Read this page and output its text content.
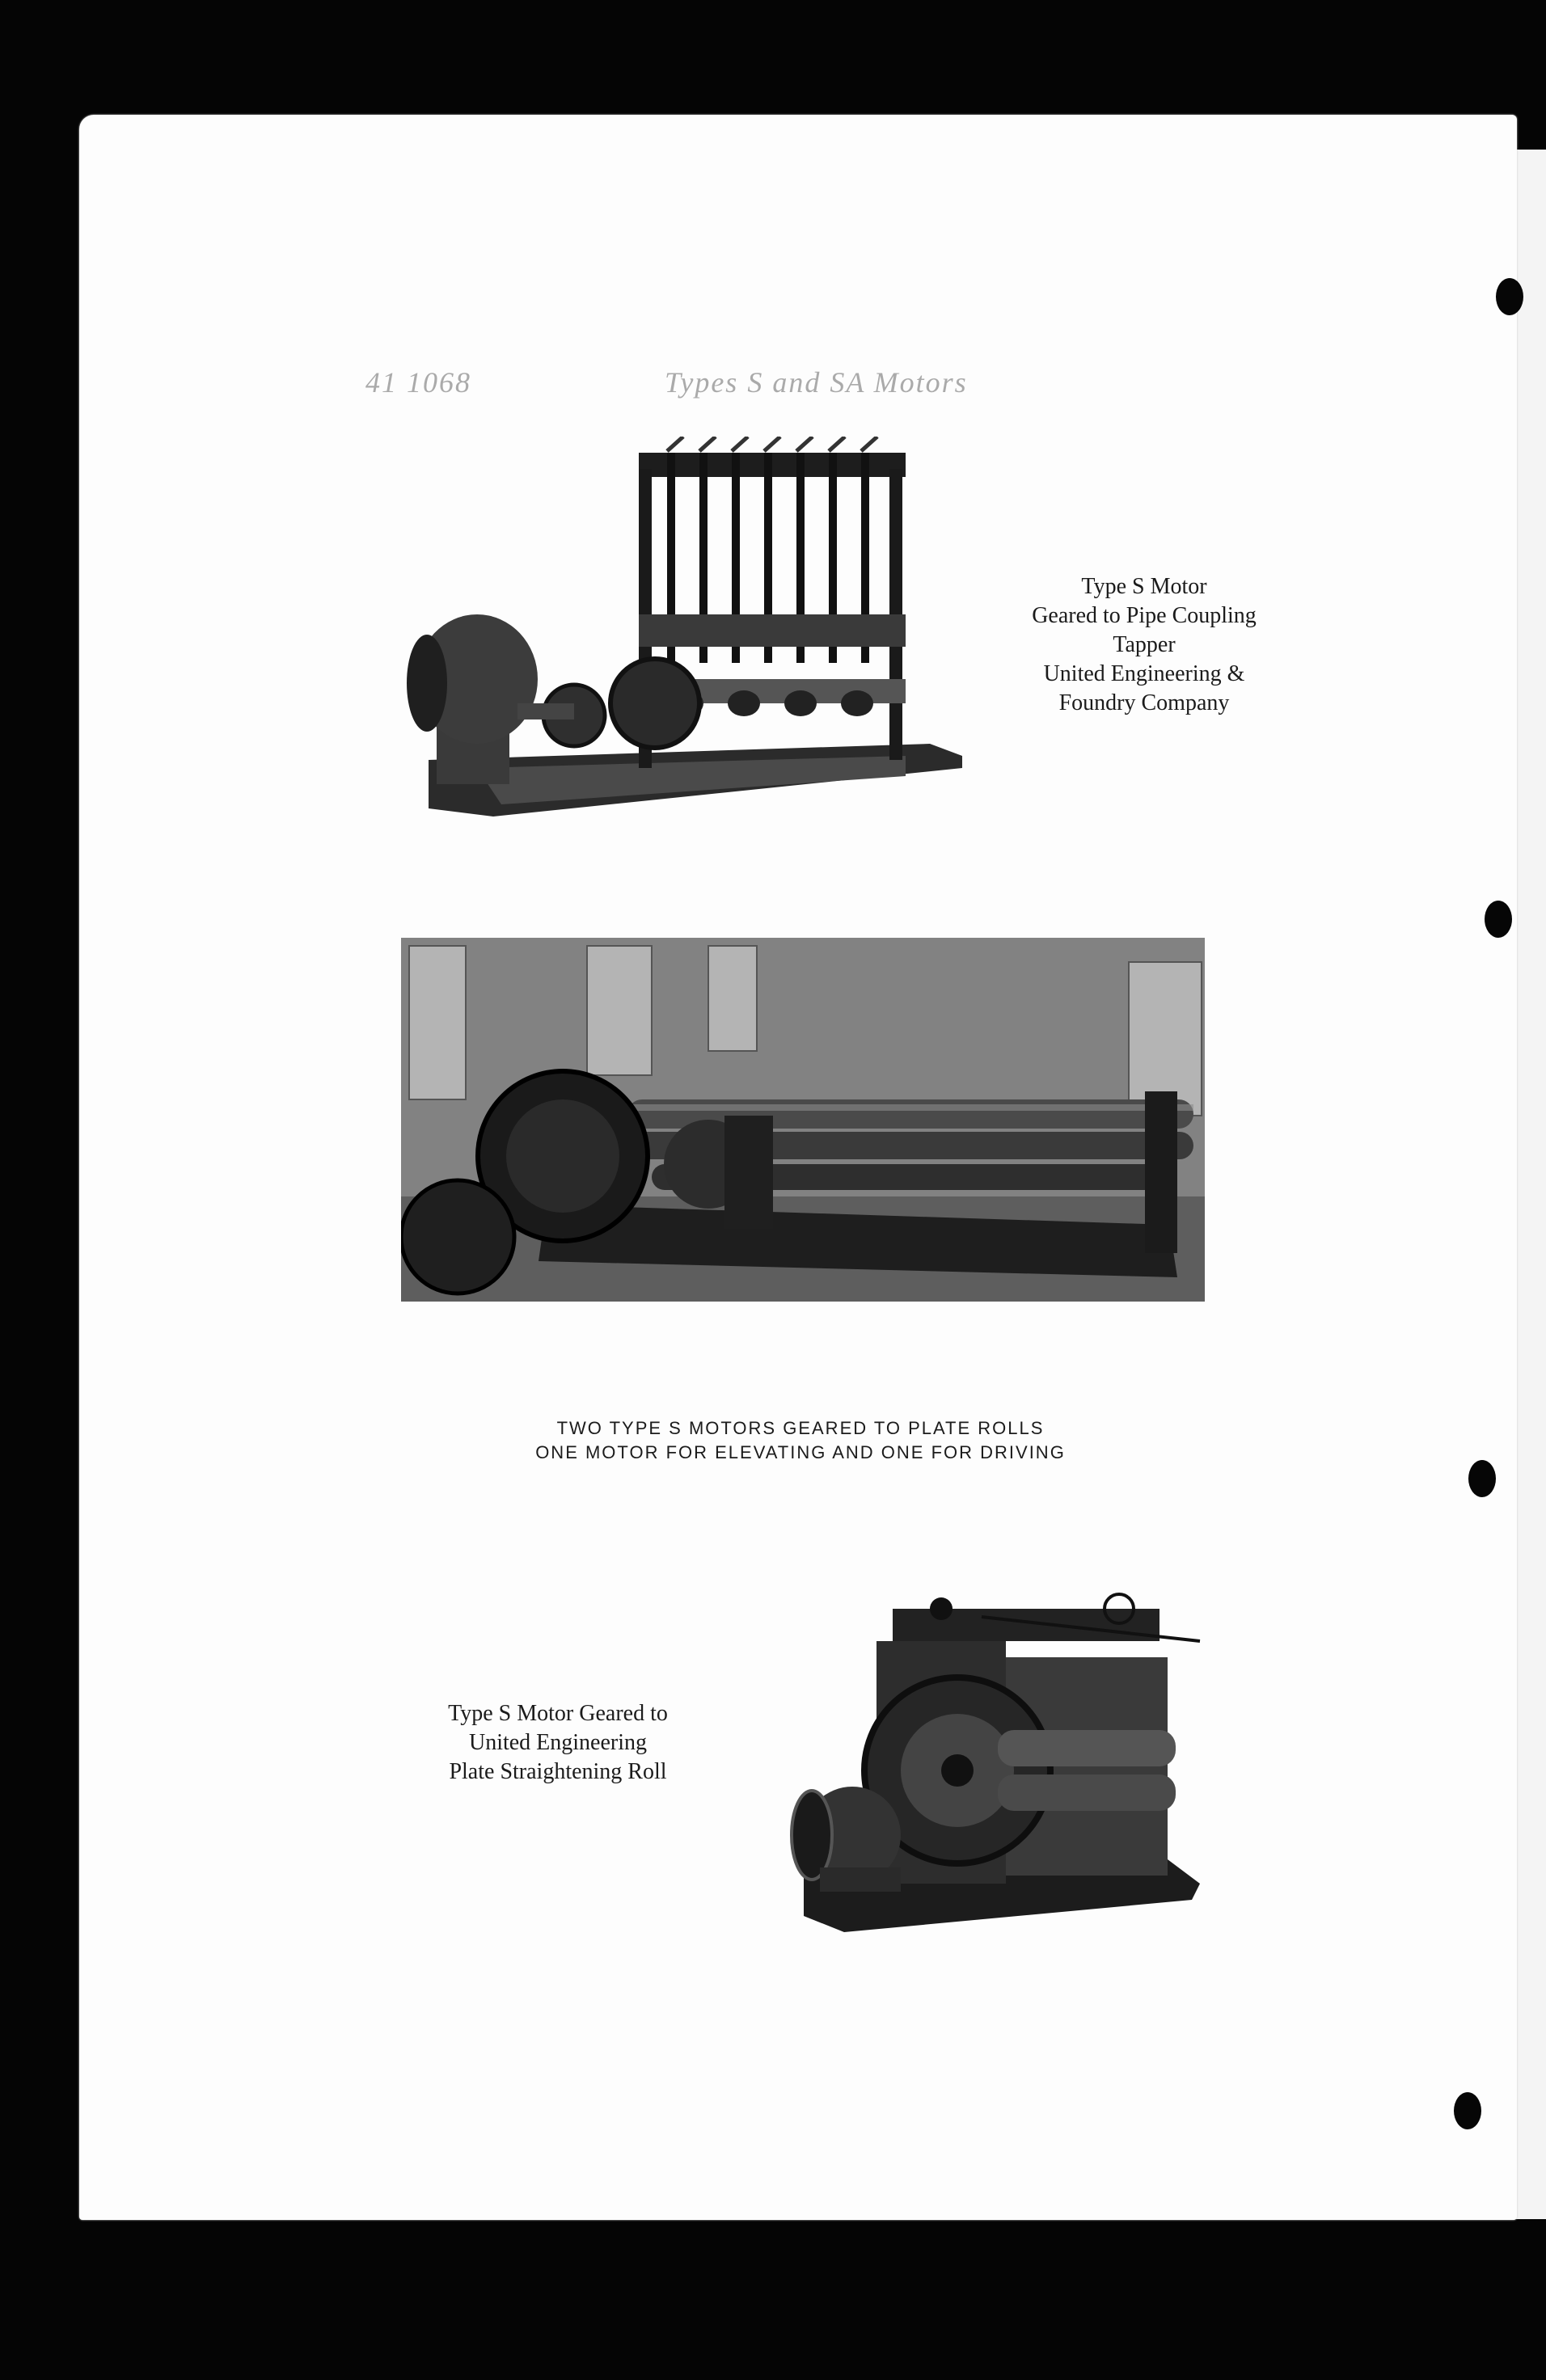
41 1068	Types S and SA Motors
Type S Motor
Geared to Pipe Coupling
Tapper
United Engineering &
Foundry Company
TWO TYPE S MOTORS GEARED TO PLATE ROLLS
ONE MOTOR FOR ELEVATING AND ONE FOR DRIVING
Type S Motor Geared to
United Engineering
Plate Straightening Roll
